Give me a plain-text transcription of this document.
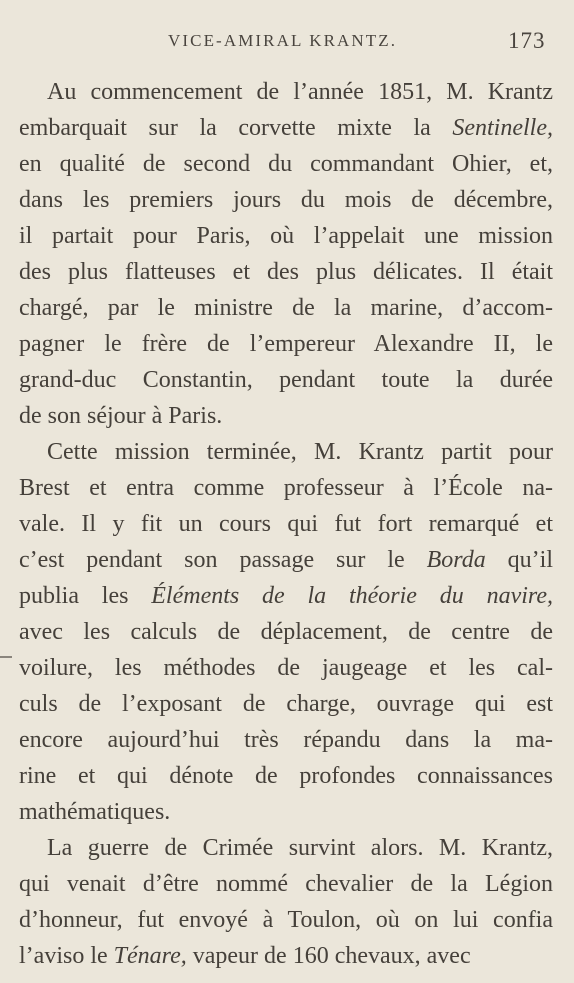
VICE-AMIRAL KRANTZ.	173
Au commencement de l’année 1851, M. Krantz
embarquait sur la corvette mixte la Sentinelle,
en qualité de second du commandant Ohier, et,
dans les premiers jours du mois de décembre,
il partait pour Paris, où l’appelait une mission
des plus flatteuses et des plus délicates. Il était
chargé, par le ministre de la marine, d’accom-
pagner le frère de l’empereur Alexandre II, le
grand-duc Constantin, pendant toute la durée
de son séjour à Paris.
Cette mission terminée, M. Krantz partit pour
Brest et entra comme professeur à l’École na-
vale. Il y fit un cours qui fut fort remarqué et
c’est pendant son passage sur le Borda qu’il
publia les Éléments de la théorie du navire,
avec les calculs de déplacement, de centre de
voilure, les méthodes de jaugeage et les cal-
culs de l’exposant de charge, ouvrage qui est
encore aujourd’hui très répandu dans la ma-
rine et qui dénote de profondes connaissances
mathématiques.
La guerre de Crimée survint alors. M. Krantz,
qui venait d’être nommé chevalier de la Légion
d’honneur, fut envoyé à Toulon, où on lui confia
l’aviso le Ténare, vapeur de 160 chevaux, avec
